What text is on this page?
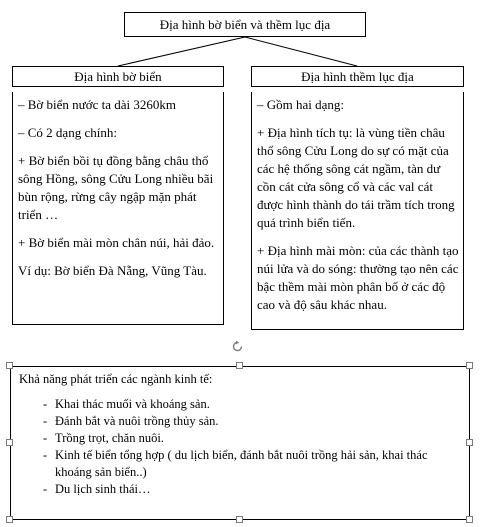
Địa hình bờ biển và thềm lục địa
Địa hình bờ biển	Địa hình thềm lục địa

– Bờ biển nước ta dài 3260km

– Có 2 dạng chính:

+ Bờ biển bồi tụ đồng bằng châu thổ sông Hồng, sông Cửu Long nhiều bãi bùn rộng, rừng cây ngập mặn phát triển …

+ Bờ biển mài mòn chân núi, hải đảo.

Ví dụ: Bờ biển Đà Nẵng, Vũng Tàu.

– Gồm hai dạng:

+ Địa hình tích tụ: là vùng tiền châu thổ sông Cửu Long do sự có mặt của các hệ thống sông cát ngầm, tàn dư cồn cát cửa sông cổ và các val cát được hình thành do tái trầm tích trong quá trình biển tiến.

+ Địa hình mài mòn: của các thành tạo núi lửa và do sóng: thường tạo nên các bậc thềm mài mòn phân bố ở các độ cao và độ sâu khác nhau.

Khả năng phát triển các ngành kinh tế:

- Khai thác muối và khoáng sản.
- Đánh bắt và nuôi trồng thủy sản.
- Trồng trọt, chăn nuôi.
- Kinh tế biển tổng hợp ( du lịch biển, đánh bắt nuôi trồng hải sản, khai thác khoáng sản biển..)
- Du lịch sinh thái…
